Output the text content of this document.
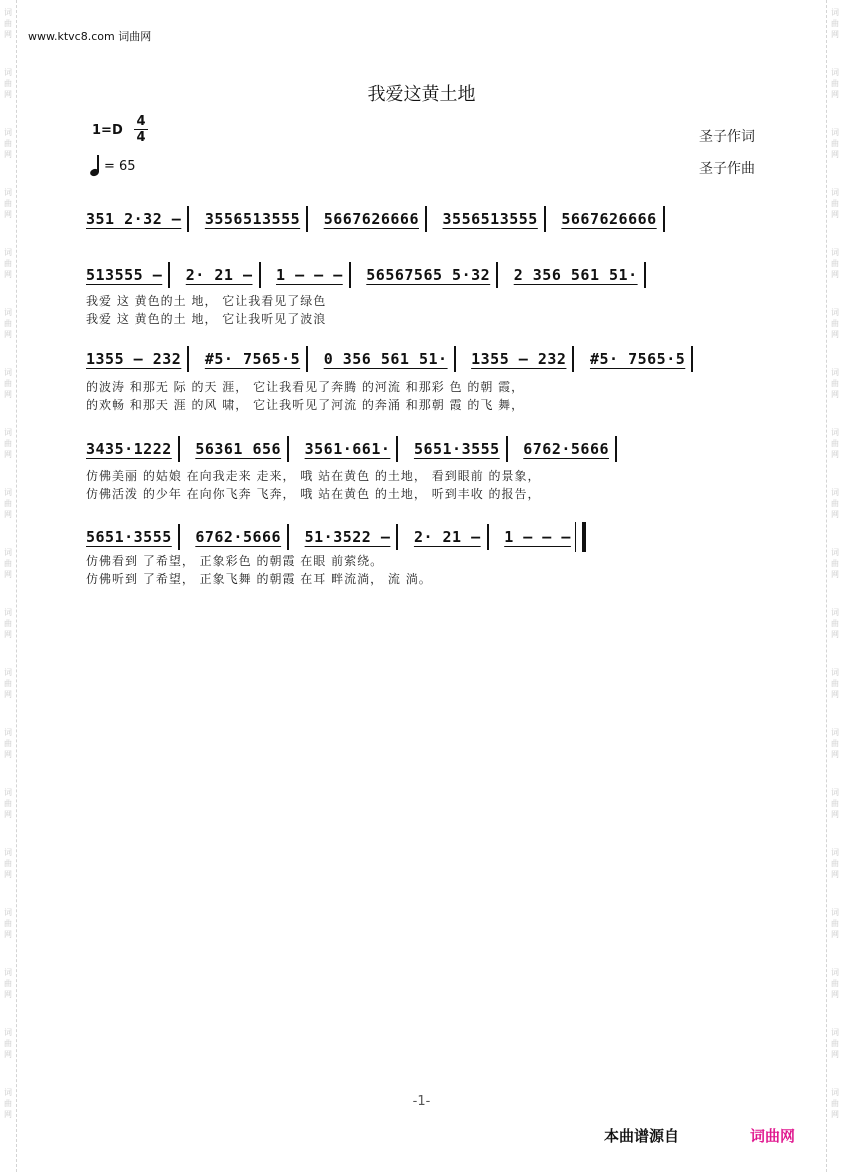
词
曲
网
词
曲
网
词
曲
网
词
曲
网
词
曲
网
词
曲
网
词
曲
网
词
曲
网
词
曲
网
词
曲
网
词
曲
网
词
曲
网
词
曲
网
词
曲
网
词
曲
网
词
曲
网
词
曲
网
词
曲
网
词
曲
网
词
曲
网
词
曲
网
词
曲
网
词
曲
网
词
曲
网
词
曲
网
词
曲
网
词
曲
网
词
曲
网
词
曲
网
词
曲
网
词
曲
网
词
曲
网
词
曲
网
词
曲
网
词
曲
网
词
曲
网
词
曲
网
词
曲
网
www.ktvc8.com 词曲网
我爱这黄土地
1=D
4
4
= 65
圣子作词
圣子作曲
351 2·32 – 3556513555 5667626666 3556513555 5667626666
513555 – 2· 21 – 1 – – – 56567565 5·32 2 356 561 51·
我爱 这 黄色的土 地， 它让我看见了绿色
我爱 这 黄色的土 地， 它让我听见了波浪
1355 – 232 #5· 7565·5 0 356 561 51· 1355 – 232 #5· 7565·5
的波涛 和那无 际 的天 涯， 它让我看见了奔腾 的河流 和那彩 色 的朝 霞，
的欢畅 和那天 涯 的风 啸， 它让我听见了河流 的奔涌 和那朝 霞 的飞 舞，
3435·1222 56361 656 3561·661· 5651·3555 6762·5666
仿佛美丽 的姑娘 在向我走来 走来， 哦 站在黄色 的土地， 看到眼前 的景象，
仿佛活泼 的少年 在向你飞奔 飞奔， 哦 站在黄色 的土地， 听到丰收 的报告，
5651·3555 6762·5666 51·3522 – 2· 21 – 1 – – –
仿佛看到 了希望， 正象彩色 的朝霞 在眼 前萦绕。
仿佛听到 了希望， 正象飞舞 的朝霞 在耳 畔流淌， 流 淌。
-1-
本曲谱源自	词曲网
